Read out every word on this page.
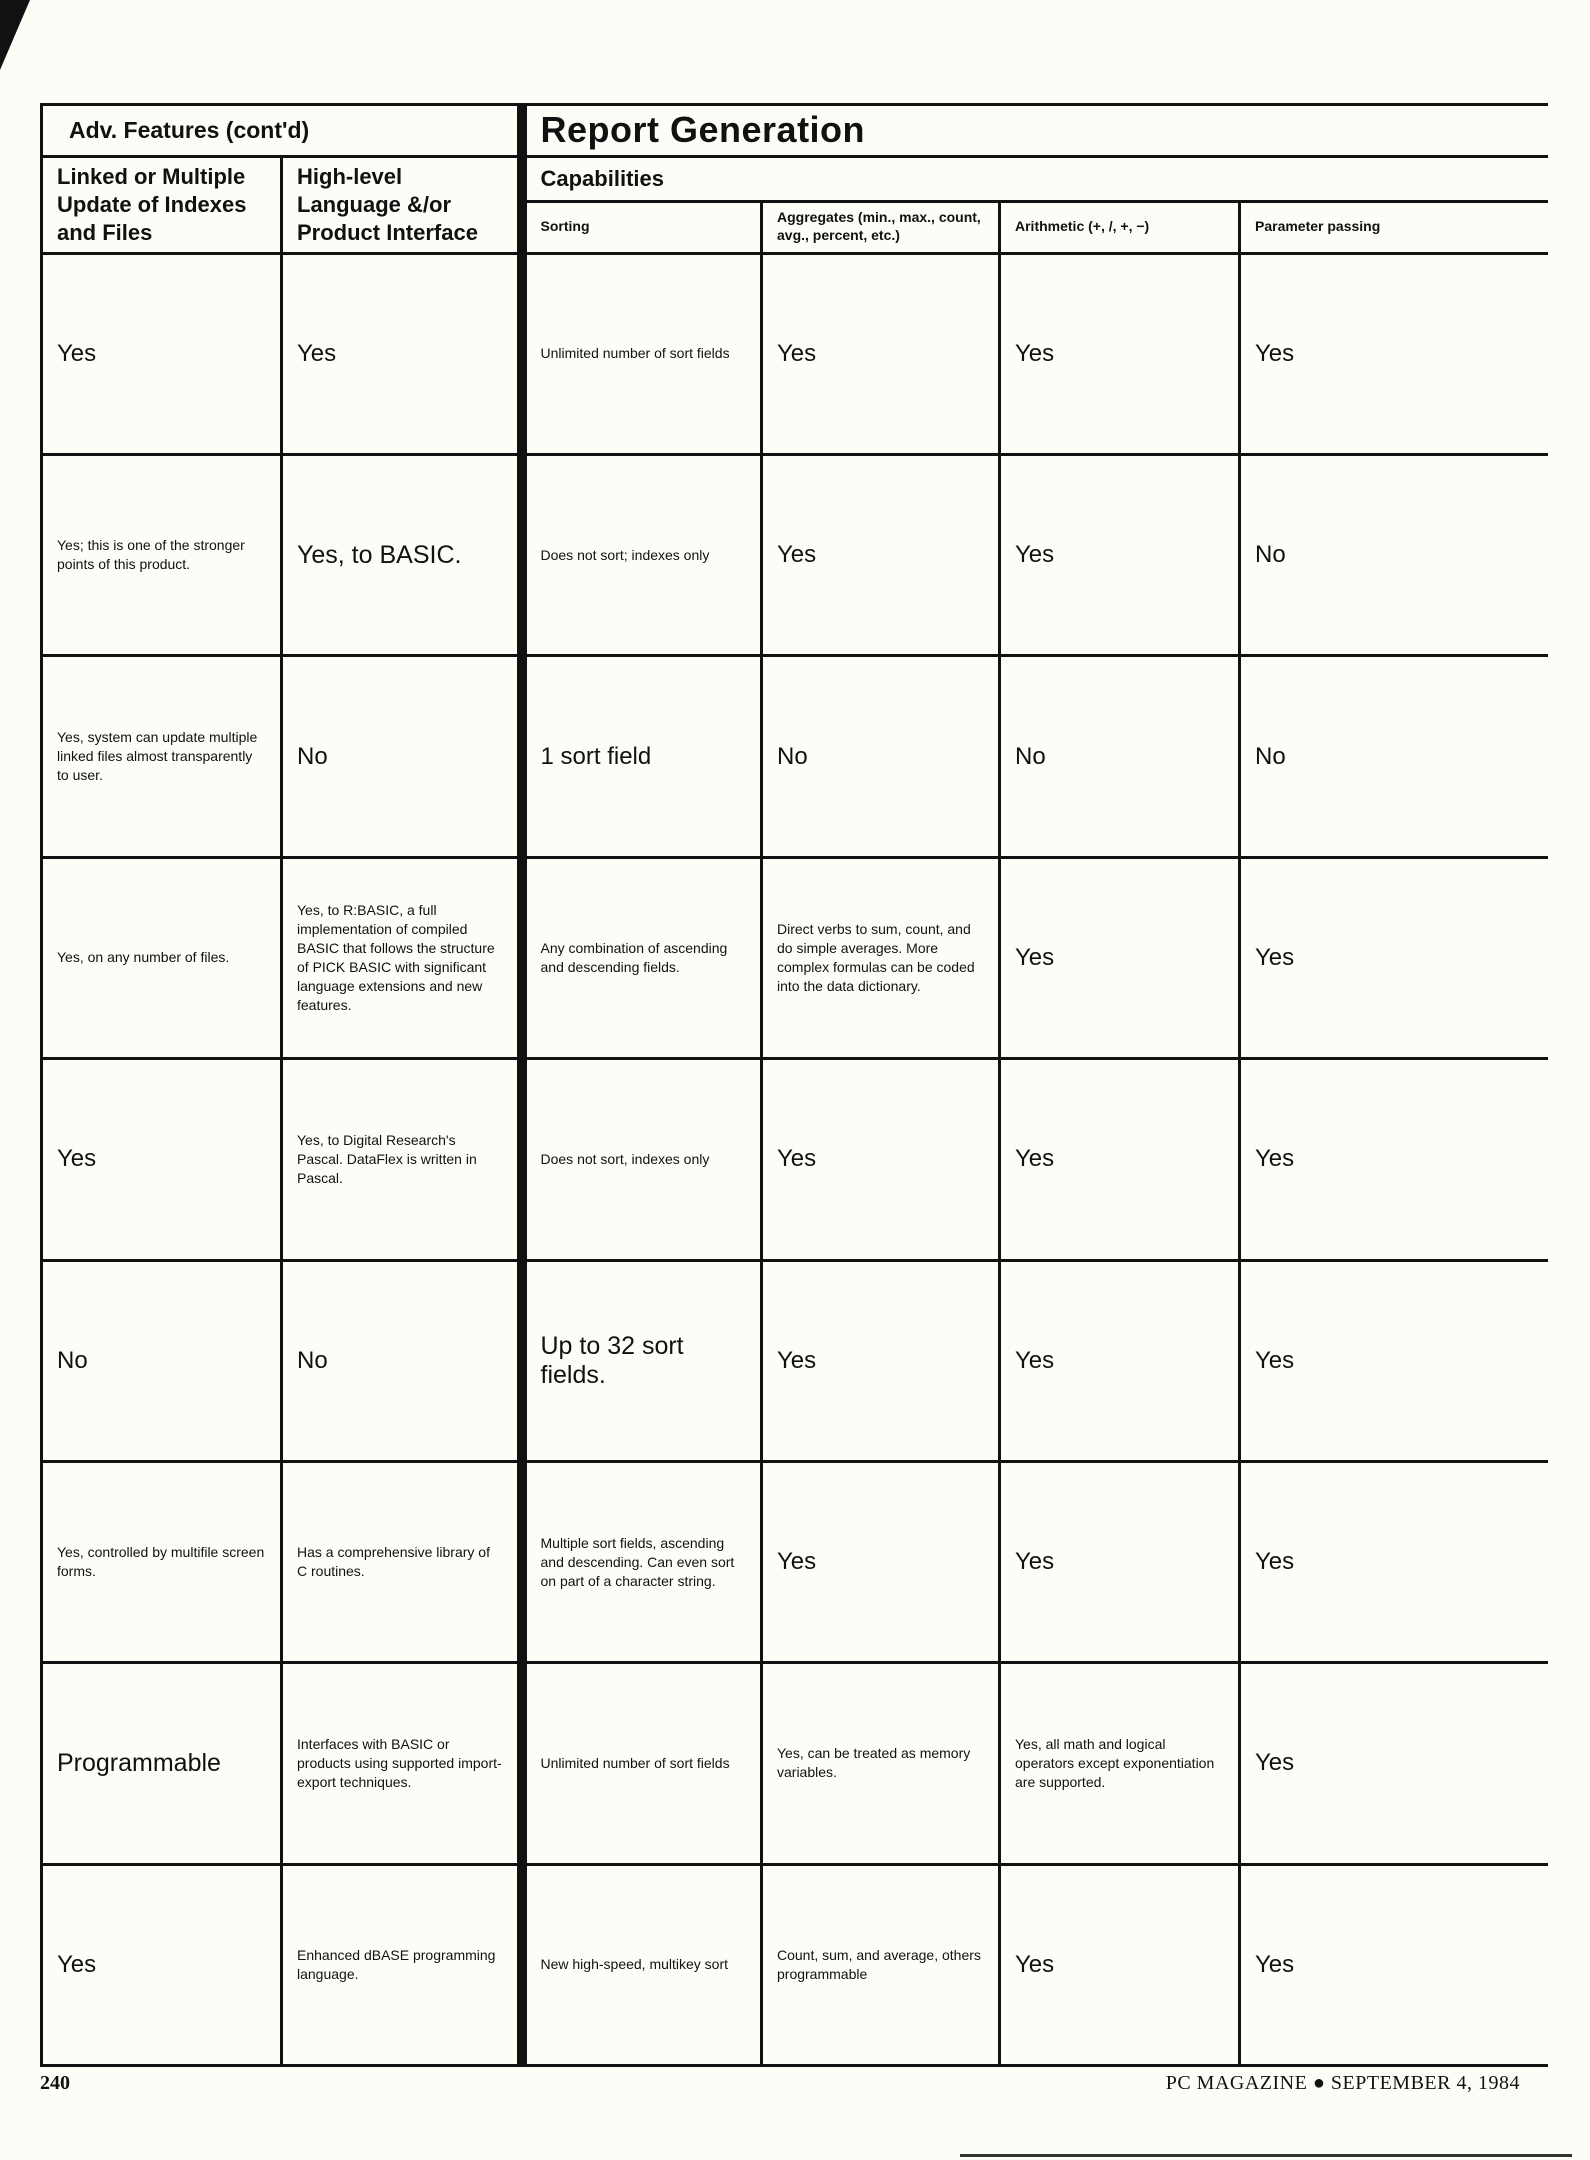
Adv. Features (cont'd)		Report Generation			
Linked or Multiple Update of Indexes and Files	High-level Language &/or Product Interface	Capabilities			
		Sorting	Aggregates (min., max., count, avg., percent, etc.)	Arithmetic (+, /, +, −)	Parameter passing
Yes	Yes	Unlimited number of sort fields	Yes	Yes	Yes
Yes; this is one of the stronger points of this product.	Yes, to BASIC.	Does not sort; indexes only	Yes	Yes	No
Yes, system can update multiple linked files almost transparently to user.	No	1 sort field	No	No	No
Yes, on any number of files.	Yes, to R:BASIC, a full implementation of compiled BASIC that follows the structure of PICK BASIC with significant language extensions and new features.	Any combination of ascending and descending fields.	Direct verbs to sum, count, and do simple averages. More complex formulas can be coded into the data dictionary.	Yes	Yes
Yes	Yes, to Digital Research's Pascal. DataFlex is written in Pascal.	Does not sort, indexes only	Yes	Yes	Yes
No	No	Up to 32 sort fields.	Yes	Yes	Yes
Yes, controlled by multifile screen forms.	Has a comprehensive library of C routines.	Multiple sort fields, ascending and descending. Can even sort on part of a character string.	Yes	Yes	Yes
Programmable	Interfaces with BASIC or products using supported import-export techniques.	Unlimited number of sort fields	Yes, can be treated as memory variables.	Yes, all math and logical operators except exponentiation are supported.	Yes
Yes	Enhanced dBASE programming language.	New high-speed, multikey sort	Count, sum, and average, others programmable	Yes	Yes
240	PC MAGAZINE ● SEPTEMBER 4, 1984
